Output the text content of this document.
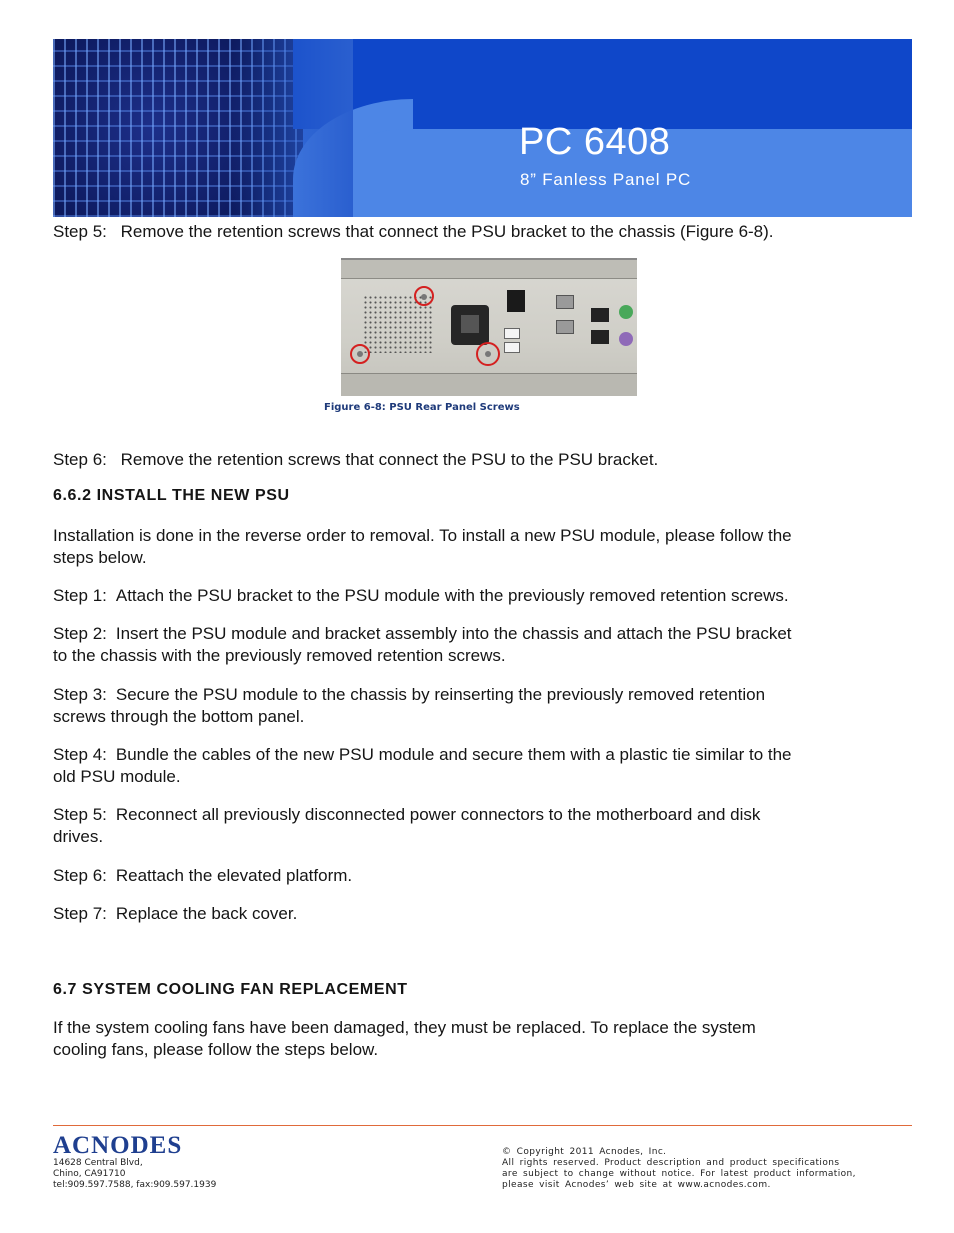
PC 6408
8” Fanless Panel PC
Step 5: Remove the retention screws that connect the PSU bracket to the chassis (Figure 6-8).
Figure 6-8: PSU Rear Panel Screws
Step 6: Remove the retention screws that connect the PSU to the PSU bracket.
6.6.2 INSTALL THE NEW PSU
Installation is done in the reverse order to removal. To install a new PSU module, please follow the
steps below.
Step 1: Attach the PSU bracket to the PSU module with the previously removed retention screws.
Step 2: Insert the PSU module and bracket assembly into the chassis and attach the PSU bracket
to the chassis with the previously removed retention screws.
Step 3: Secure the PSU module to the chassis by reinserting the previously removed retention
screws through the bottom panel.
Step 4: Bundle the cables of the new PSU module and secure them with a plastic tie similar to the
old PSU module.
Step 5: Reconnect all previously disconnected power connectors to the motherboard and disk
drives.
Step 6: Reattach the elevated platform.
Step 7: Replace the back cover.
6.7 SYSTEM COOLING FAN REPLACEMENT
If the system cooling fans have been damaged, they must be replaced. To replace the system
cooling fans, please follow the steps below.
ACNODES
14628 Central Blvd,
Chino, CA91710
tel:909.597.7588, fax:909.597.1939
© Copyright 2011 Acnodes, Inc.
All rights reserved. Product description and product specifications
are subject to change without notice. For latest product information,
please visit Acnodes’ web site at www.acnodes.com.
